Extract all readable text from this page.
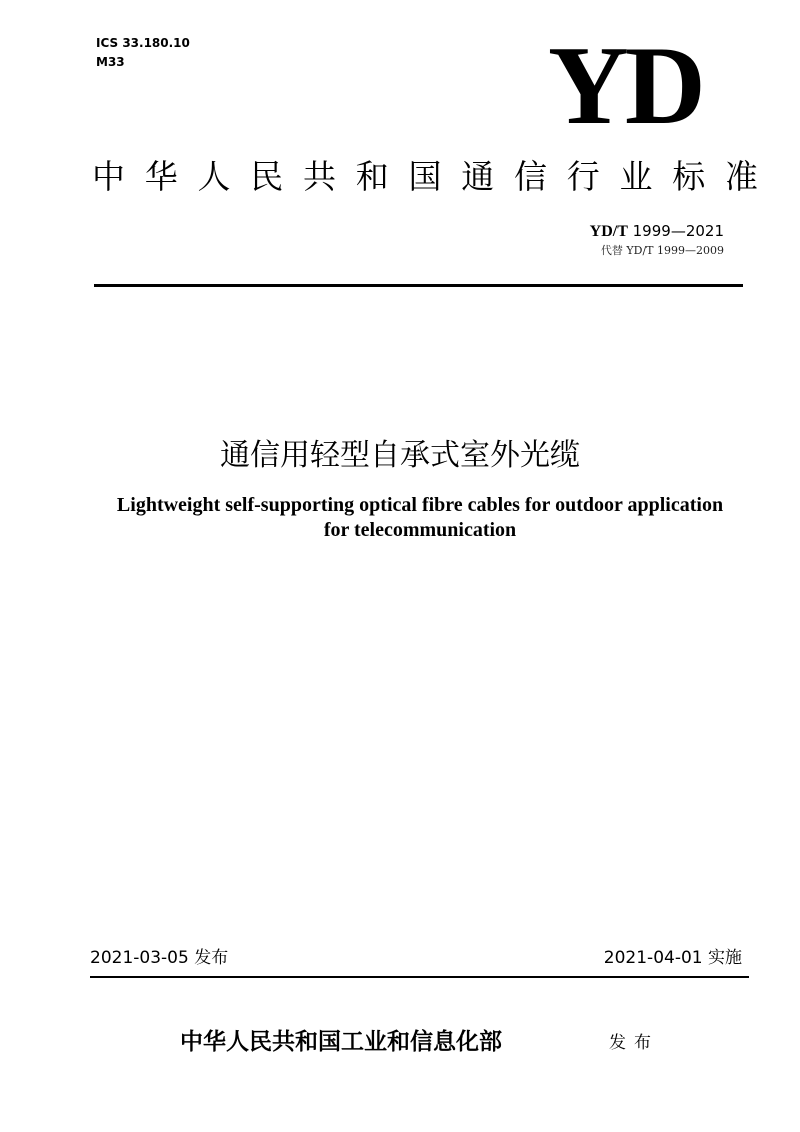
ICS 33.180.10
M33	YD
中 华 人 民 共 和 国 通 信 行 业 标 准
YD/T 1999—2021
代替 YD/T 1999—2009
通信用轻型自承式室外光缆
Lightweight self-supporting optical fibre cables for outdoor application
for telecommunication
2021-03-05 发布	2021-04-01 实施
中华人民共和国工业和信息化部	发布
